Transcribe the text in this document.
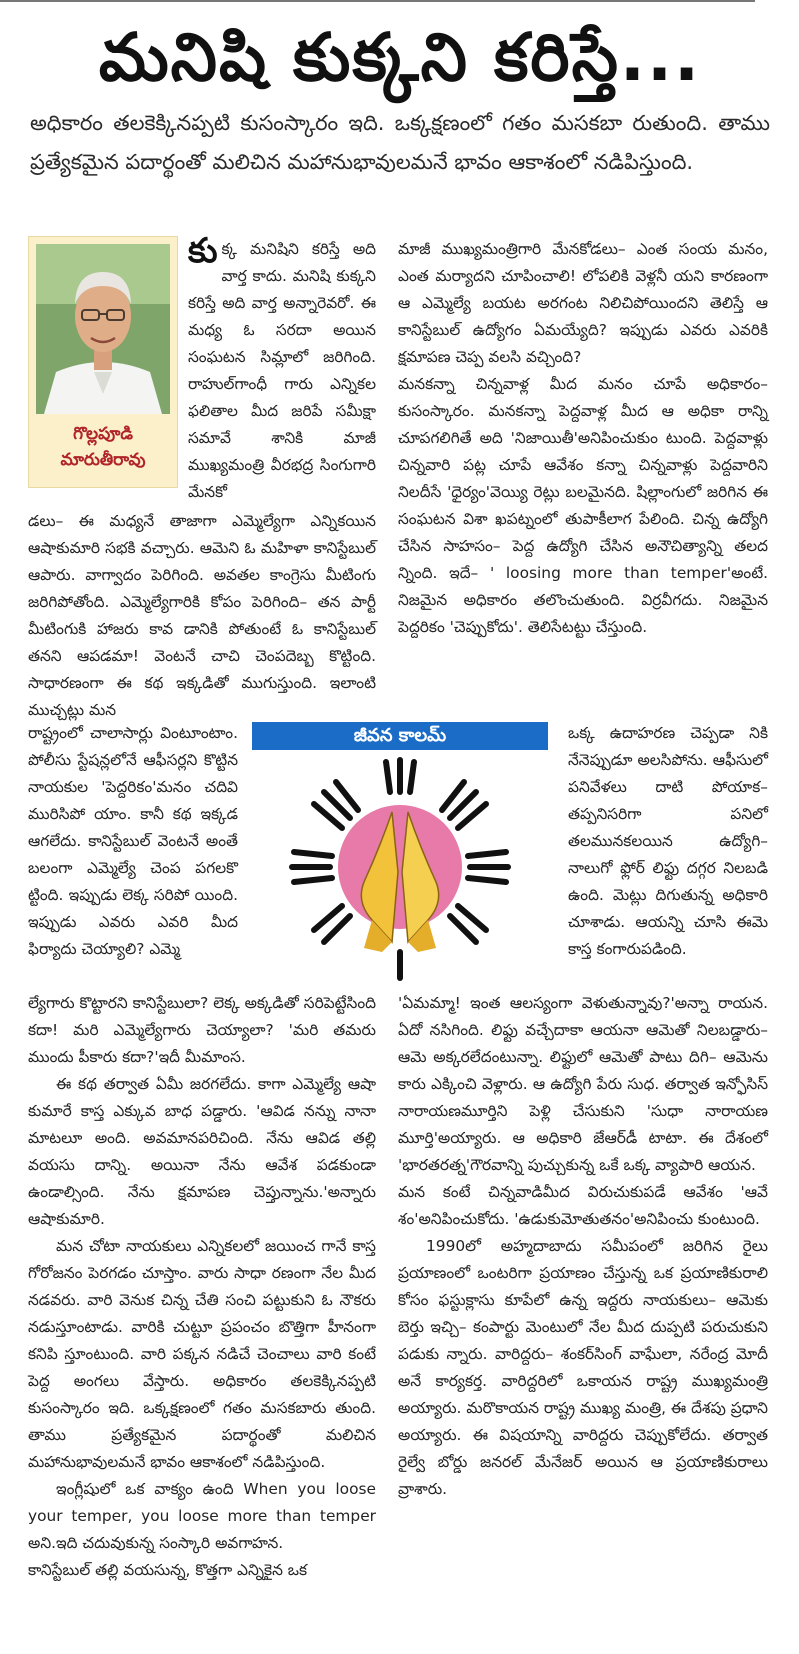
మనిషి కుక్కని కరిస్తే...
అధికారం తలకెక్కినప్పటి కుసంస్కారం ఇది. ఒక్కక్షణంలో గతం మసకబా రుతుంది. తాము ప్రత్యేకమైన పదార్థంతో మలిచిన మహానుభావులమనే భావం ఆకాశంలో నడిపిస్తుంది.
గొల్లపూడి మారుతీరావు

కుక్క మనిషిని కరిస్తే అది వార్త కాదు. మనిషి కుక్కని కరిస్తే అది వార్త అన్నారెవరో. ఈ మధ్య ఓ సరదా అయిన సంఘటన సిమ్లాలో జరిగింది. రాహుల్‌గాంధీ గారు ఎన్నికల ఫలితాల మీద జరిపే సమీక్షా సమావే శానికి మాజీ ముఖ్యమంత్రి వీరభద్ర సింగుగారి మేనకో

డలు– ఈ మధ్యనే తాజాగా ఎమ్మెల్యేగా ఎన్నికయిన ఆషాకుమారి సభకి వచ్చారు. ఆమెని ఓ మహిళా కానిస్టేబుల్ ఆపారు. వాగ్వాదం పెరిగింది. అవతల కాంగ్రెసు మీటింగు జరిగిపోతోంది. ఎమ్మెల్యేగారికి కోపం పెరిగింది– తన పార్టీ మీటింగుకి హాజరు కావ డానికి పోతుంటే ఓ కానిస్టేబుల్ తనని ఆపడమా! వెంటనే చాచి చెంపదెబ్బ కొట్టింది. సాధారణంగా ఈ కథ ఇక్కడితో ముగుస్తుంది. ఇలాంటి ముచ్చట్లు మన

రాష్ట్రంలో చాలాసార్లు వింటూంటాం. పోలీసు స్టేషన్లలోనే ఆఫీసర్లని కొట్టిన నాయకుల 'పెద్దరికం'మనం చదివి మురిసిపో యాం. కానీ కథ ఇక్కడ ఆగలేదు. కానిస్టేబుల్ వెంటనే అంతే బలంగా ఎమ్మెల్యే చెంప పగలకొ ట్టింది. ఇప్పుడు లెక్క సరిపో యింది. ఇప్పుడు ఎవరు ఎవరి మీద ఫిర్యాదు చెయ్యాలి? ఎమ్మె

ల్యేగారు కొట్టారని కానిస్టేబులా? లెక్క అక్కడితో సరిపెట్టేసింది కదా! మరి ఎమ్మెల్యేగారు చెయ్యాలా? 'మరి తమరు ముందు పీకారు కదా?'ఇదీ మీమాంస.

ఈ కథ తర్వాత ఏమీ జరగలేదు. కాగా ఎమ్మెల్యే ఆషా కుమారే కాస్త ఎక్కువ బాధ పడ్డారు. 'ఆవిడ నన్ను నానా మాటలూ అంది. అవమానపరిచింది. నేను ఆవిడ తల్లి వయసు దాన్ని. అయినా నేను ఆవేశ పడకుండా ఉండాల్సింది. నేను క్షమాపణ చెప్తున్నాను.'అన్నారు ఆషాకుమారి.

మన చోటా నాయకులు ఎన్నికలలో జయించ గానే కాస్త గోరోజనం పెరగడం చూస్తాం. వారు సాధా రణంగా నేల మీద నడవరు. వారి వెనుక చిన్న చేతి సంచి పట్టుకుని ఓ నౌకరు నడుస్తూంటాడు. వారికి చుట్టూ ప్రపంచం బొత్తిగా హీనంగా కనిపి స్తూంటుంది. వారి పక్కన నడిచే చెంచాలు వారి కంటే పెద్ద అంగలు వేస్తారు. అధికారం తలకెక్కినప్పటి కుసంస్కారం ఇది. ఒక్కక్షణంలో గతం మసకబారు తుంది. తాము ప్రత్యేకమైన పదార్థంతో మలిచిన మహానుభావులమనే భావం ఆకాశంలో నడిపిస్తుంది.

ఇంగ్లీషులో ఒక వాక్యం ఉంది When you loose your temper, you loose more than temper అని.ఇది చదువుకున్న సంస్కారి అవగాహన.

కానిస్టేబుల్ తల్లి వయసున్న, కొత్తగా ఎన్నికైన ఒక

మాజీ ముఖ్యమంత్రిగారి మేనకోడలు– ఎంత సంయ మనం, ఎంత మర్యాదని చూపించాలి! లోపలికి వెళ్లనీ యని కారణంగా ఆ ఎమ్మెల్యే బయట అరగంట నిలిచిపోయిందని తెలిస్తే ఆ కానిస్టేబుల్ ఉద్యోగం ఏమయ్యేది? ఇప్పుడు ఎవరు ఎవరికి క్షమాపణ చెప్ప వలసి వచ్చింది?

మనకన్నా చిన్నవాళ్ల మీద మనం చూపే అధికారం– కుసంస్కారం. మనకన్నా పెద్దవాళ్ల మీద ఆ అధికా రాన్ని చూపగలిగితే అది 'నిజాయితీ'అనిపించుకుం టుంది. పెద్దవాళ్లు చిన్నవారి పట్ల చూపే ఆవేశం కన్నా చిన్నవాళ్లు పెద్దవారిని నిలదీసే 'ధైర్యం'వెయ్యి రెట్లు బలమైనది. షిల్లాంగులో జరిగిన ఈ సంఘటన విశా ఖపట్నంలో తుపాకీలాగ పేలింది. చిన్న ఉద్యోగి చేసిన సాహసం– పెద్ద ఉద్యోగి చేసిన అనౌచిత్యాన్ని తలద న్నింది. ఇదే– ' loosing more than temper'అంటే. నిజమైన అధికారం తలొంచుతుంది. విర్రవీగదు. నిజమైన పెద్దరికం 'చెప్పుకోదు'. తెలిసేటట్టు చేస్తుంది.

జీవన కాలమ్	ఒక్క ఉదాహరణ చెప్పడా నికి నేనెప్పుడూ అలసిపోను. ఆఫీసులో పనివేళలు దాటి పోయాక– తప్పనిసరిగా పనిలో తలమునకలయిన ఉద్యోగి– నాలుగో ఫ్లోర్ లిఫ్టు దగ్గర నిలబడి ఉంది. మెట్లు దిగుతున్న అధికారి చూశాడు. ఆయన్ని చూసి ఈమె కాస్త కంగారుపడింది.

'ఏమమ్మా! ఇంత ఆలస్యంగా వెళుతున్నావు?'అన్నా రాయన. ఏదో నసిగింది. లిఫ్టు వచ్చేదాకా ఆయనా ఆమెతో నిలబడ్డారు– ఆమె అక్కరలేదంటున్నా. లిఫ్టులో ఆమెతో పాటు దిగి– ఆమెను కారు ఎక్కించి వెళ్లారు. ఆ ఉద్యోగి పేరు సుధ. తర్వాత ఇన్ఫోసిస్ నారాయణమూర్తిని పెళ్లి చేసుకుని 'సుధా నారాయణ మూర్తి'అయ్యారు. ఆ అధికారి జేఆర్‌డీ టాటా. ఈ దేశంలో 'భారతరత్న'గౌరవాన్ని పుచ్చుకున్న ఒకే ఒక్క వ్యాపారి ఆయన.

మన కంటే చిన్నవాడిమీద విరుచుకుపడే ఆవేశం 'ఆవే శం'అనిపించుకోదు. 'ఉడుకుమోతుతనం'అనిపించు కుంటుంది.

1990లో అహ్మదాబాదు సమీపంలో జరిగిన రైలు ప్రయాణంలో ఒంటరిగా ప్రయాణం చేస్తున్న ఒక ప్రయాణికురాలి కోసం ఫస్టుక్లాసు కూపేలో ఉన్న ఇద్దరు నాయకులు– ఆమెకు బెర్తు ఇచ్చి– కంపార్టు మెంటులో నేల మీద దుప్పటి పరుచుకుని పడుకు న్నారు. వారిద్దరు– శంకర్‌సింగ్ వాఘేలా, నరేంద్ర మోదీ అనే కార్యకర్త. వారిద్దరిలో ఒకాయన రాష్ట్ర ముఖ్యమంత్రి అయ్యారు. మరొకాయన రాష్ట్ర ముఖ్య మంత్రి, ఈ దేశపు ప్రధాని అయ్యారు. ఈ విషయాన్ని వారిద్దరు చెప్పుకోలేదు. తర్వాత రైల్వే బోర్డు జనరల్ మేనేజర్ అయిన ఆ ప్రయాణికురాలు వ్రాశారు.
